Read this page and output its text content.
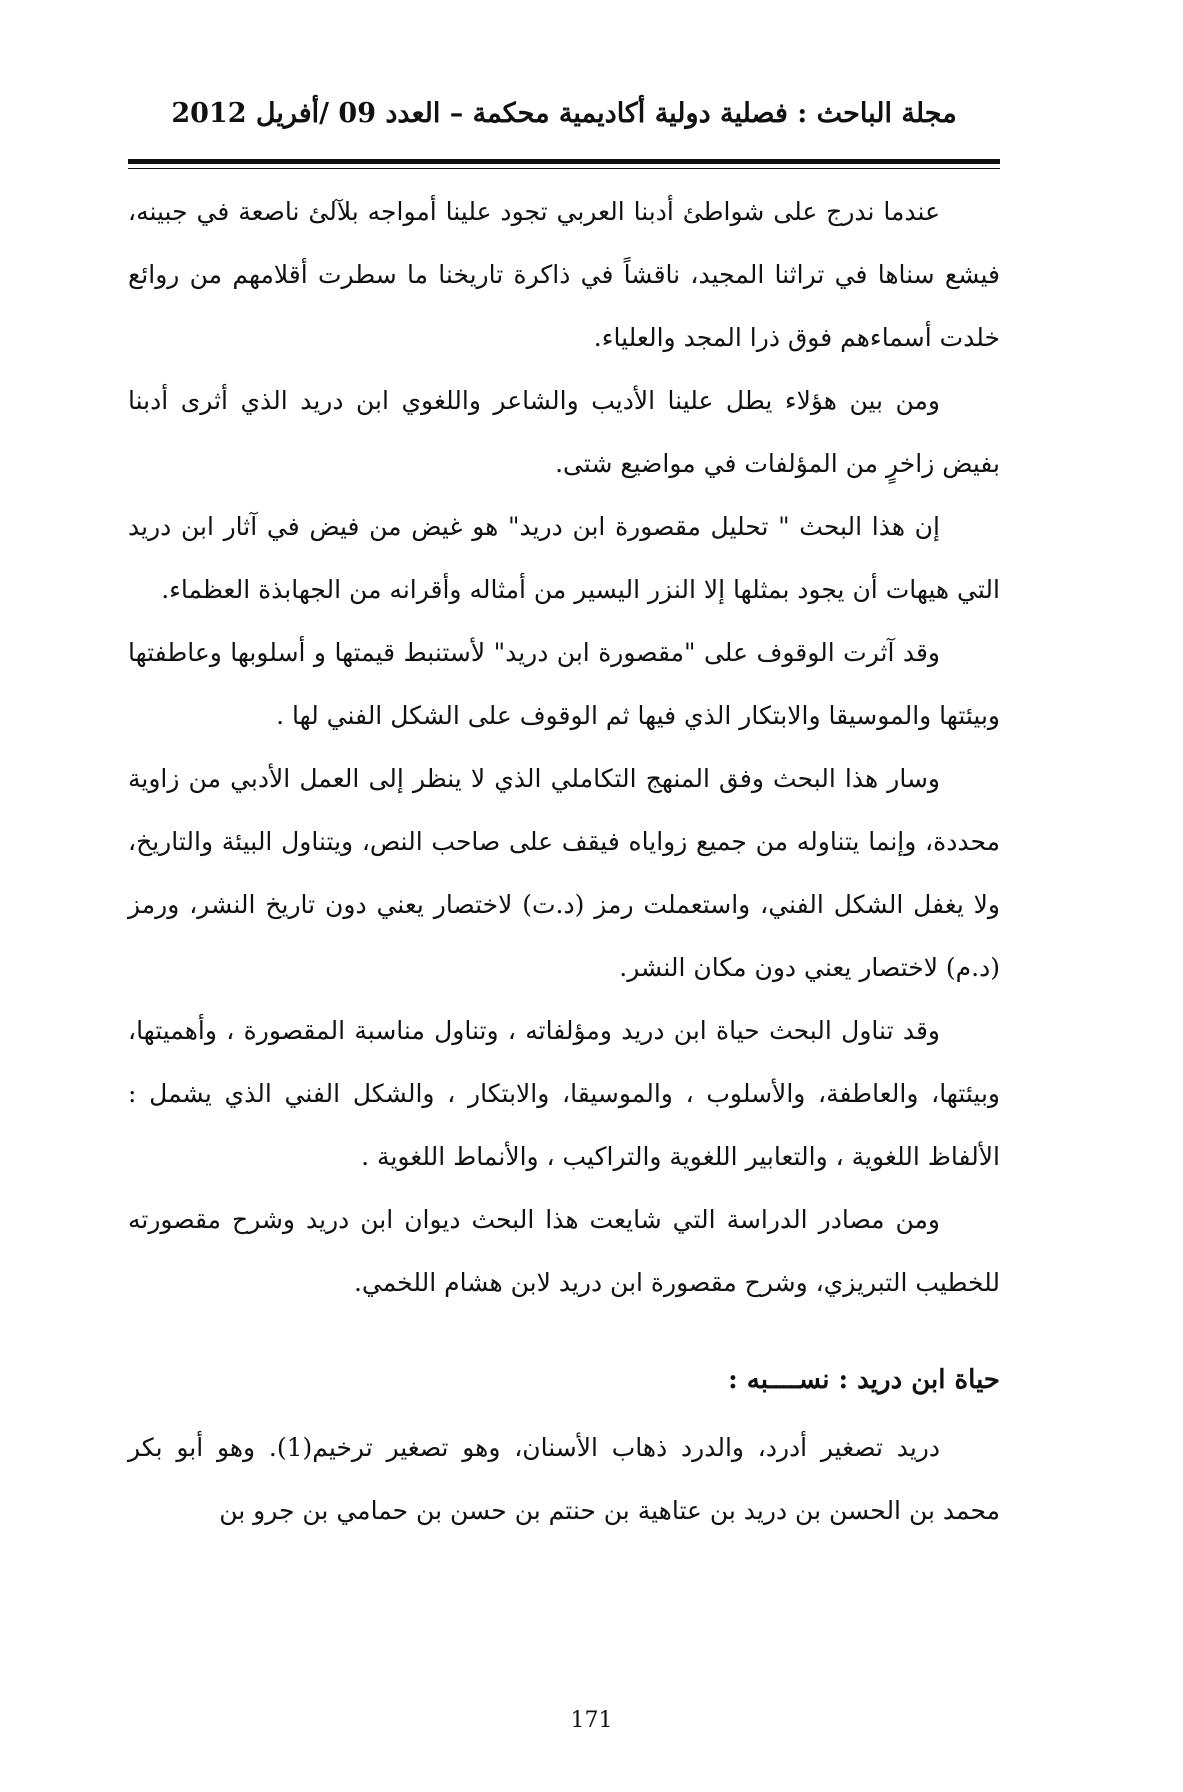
مجلة الباحث : فصلية دولية أكاديمية محكمة – العدد 09 /أفريل 2012

عندما ندرج على شواطئ أدبنا العربي تجود علينا أمواجه بلآلئ ناصعة في جبينه، فيشع سناها في تراثنا المجيد، ناقشاً في ذاكرة تاريخنا ما سطرت أقلامهم من روائع خلدت أسماءهم فوق ذرا المجد والعلياء.

ومن بين هؤلاء يطل علينا الأديب والشاعر واللغوي ابن دريد الذي أثرى أدبنا بفيض زاخرٍ من المؤلفات في مواضيع شتى.

إن هذا البحث " تحليل مقصورة ابن دريد" هو غيض من فيض في آثار ابن دريد التي هيهات أن يجود بمثلها إلا النزر اليسير من أمثاله وأقرانه من الجهابذة العظماء.

وقد آثرت الوقوف على "مقصورة ابن دريد" لأستنبط قيمتها و أسلوبها وعاطفتها وبيئتها والموسيقا والابتكار الذي فيها ثم الوقوف على الشكل الفني لها .

وسار هذا البحث وفق المنهج التكاملي الذي لا ينظر إلى العمل الأدبي من زاوية محددة، وإنما يتناوله من جميع زواياه فيقف على صاحب النص، ويتناول البيئة والتاريخ، ولا يغفل الشكل الفني، واستعملت رمز (د.ت) لاختصار يعني دون تاريخ النشر، ورمز (د.م) لاختصار يعني دون مكان النشر.

وقد تناول البحث حياة ابن دريد ومؤلفاته ، وتناول مناسبة المقصورة ، وأهميتها، وبيئتها، والعاطفة، والأسلوب ، والموسيقا، والابتكار ، والشكل الفني الذي يشمل : الألفاظ اللغوية ، والتعابير اللغوية والتراكيب ، والأنماط اللغوية .

ومن مصادر الدراسة التي شايعت هذا البحث ديوان ابن دريد وشرح مقصورته للخطيب التبريزي، وشرح مقصورة ابن دريد لابن هشام اللخمي.

حياة ابن دريد : نســــبه :

دريد تصغير أدرد، والدرد ذهاب الأسنان، وهو تصغير ترخيم(1). وهو أبو بكر محمد بن الحسن بن دريد بن عتاهية بن حنتم بن حسن بن حمامي بن جرو بن

171
